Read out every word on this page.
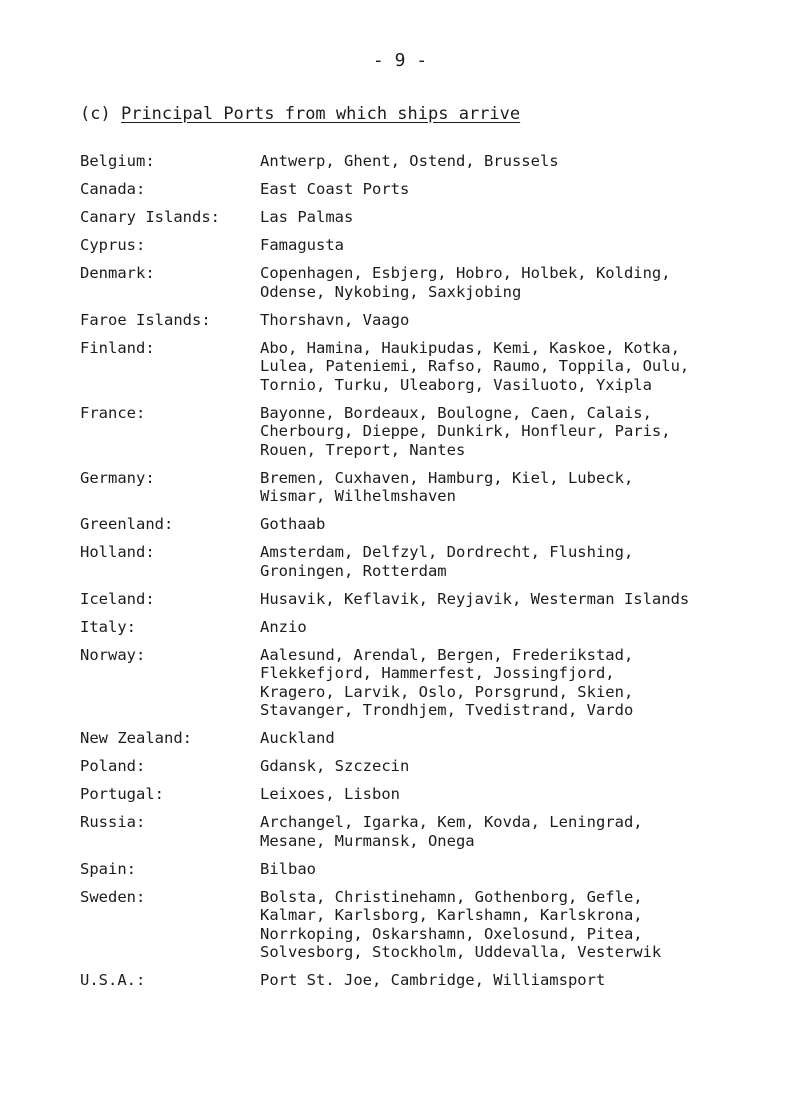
- 9 -
(c) Principal Ports from which ships arrive
Belgium:	Antwerp, Ghent, Ostend, Brussels
Canada:	East Coast Ports
Canary Islands:	Las Palmas
Cyprus:	Famagusta
Denmark:	Copenhagen, Esbjerg, Hobro, Holbek, Kolding,
Odense, Nykobing, Saxkjobing
Faroe Islands:	Thorshavn, Vaago
Finland:	Abo, Hamina, Haukipudas, Kemi, Kaskoe, Kotka,
Lulea, Pateniemi, Rafso, Raumo, Toppila, Oulu,
Tornio, Turku, Uleaborg, Vasiluoto, Yxipla
France:	Bayonne, Bordeaux, Boulogne, Caen, Calais,
Cherbourg, Dieppe, Dunkirk, Honfleur, Paris,
Rouen, Treport, Nantes
Germany:	Bremen, Cuxhaven, Hamburg, Kiel, Lubeck,
Wismar, Wilhelmshaven
Greenland:	Gothaab
Holland:	Amsterdam, Delfzyl, Dordrecht, Flushing,
Groningen, Rotterdam
Iceland:	Husavik, Keflavik, Reyjavik, Westerman Islands
Italy:	Anzio
Norway:	Aalesund, Arendal, Bergen, Frederikstad,
Flekkefjord, Hammerfest, Jossingfjord,
Kragero, Larvik, Oslo, Porsgrund, Skien,
Stavanger, Trondhjem, Tvedistrand, Vardo
New Zealand:	Auckland
Poland:	Gdansk, Szczecin
Portugal:	Leixoes, Lisbon
Russia:	Archangel, Igarka, Kem, Kovda, Leningrad,
Mesane, Murmansk, Onega
Spain:	Bilbao
Sweden:	Bolsta, Christinehamn, Gothenborg, Gefle,
Kalmar, Karlsborg, Karlshamn, Karlskrona,
Norrkoping, Oskarshamn, Oxelosund, Pitea,
Solvesborg, Stockholm, Uddevalla, Vesterwik
U.S.A.:	Port St. Joe, Cambridge, Williamsport
